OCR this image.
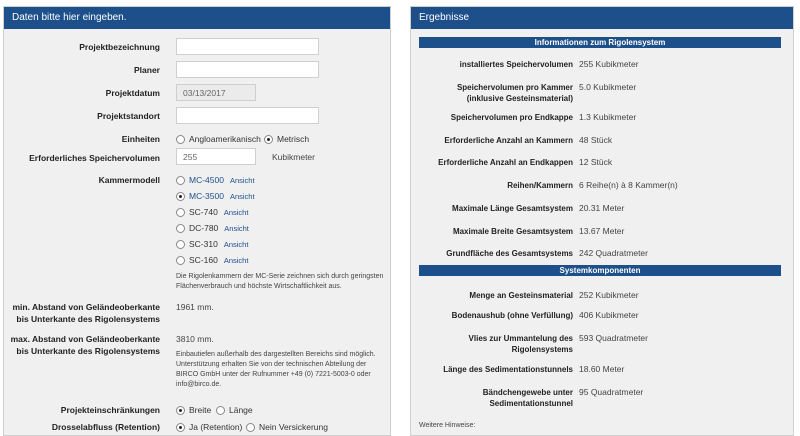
Daten bitte hier eingeben.
Projektbezeichnung
Planer
Projektdatum
03/13/2017
Projektstandort
Einheiten	Angloamerikanisch	Metrisch
Erforderliches Speichervolumen
255	Kubikmeter
Kammermodell	MC-4500 Ansicht
MC-3500 Ansicht
SC-740 Ansicht
DC-780 Ansicht
SC-310 Ansicht
SC-160 Ansicht
Die Rigolenkammern der MC-Serie zeichnen sich durch geringsten Flächenverbrauch und höchste Wirtschaftlichkeit aus.
min. Abstand von Geländeoberkante bis Unterkante des Rigolensystems
1961 mm.
max. Abstand von Geländeoberkante bis Unterkante des Rigolensystems
3810 mm.
Einbautiefen außerhalb des dargestellten Bereichs sind möglich. Unterstützung erhalten Sie von der technischen Abteilung der BIRCO GmbH unter der Rufnummer +49 (0) 7221-5003-0 oder info@birco.de.
Projekteinschränkungen	Breite	Länge
Drosselabfluss (Retention)	Ja (Retention)	Nein Versickerung
Ergebnisse
Informationen zum Rigolensystem
installiertes Speichervolumen 255 Kubikmeter
Speichervolumen pro Kammer (inklusive Gesteinsmaterial)
5.0 Kubikmeter
Speichervolumen pro Endkappe 1.3 Kubikmeter
Erforderliche Anzahl an Kammern 48 Stück
Erforderliche Anzahl an Endkappen 12 Stück
Reihen/Kammern 6 Reihe(n) à 8 Kammer(n)
Maximale Länge Gesamtsystem 20.31 Meter
Maximale Breite Gesamtsystem 13.67 Meter
Grundfläche des Gesamtsystems 242 Quadratmeter
Systemkomponenten
Menge an Gesteinsmaterial 252 Kubikmeter
Bodenaushub (ohne Verfüllung) 406 Kubikmeter
Vlies zur Ummantelung des Rigolensystems
593 Quadratmeter
Länge des Sedimentationstunnels 18.60 Meter
Bändchengewebe unter Sedimentationstunnel
95 Quadratmeter
Weitere Hinweise:
